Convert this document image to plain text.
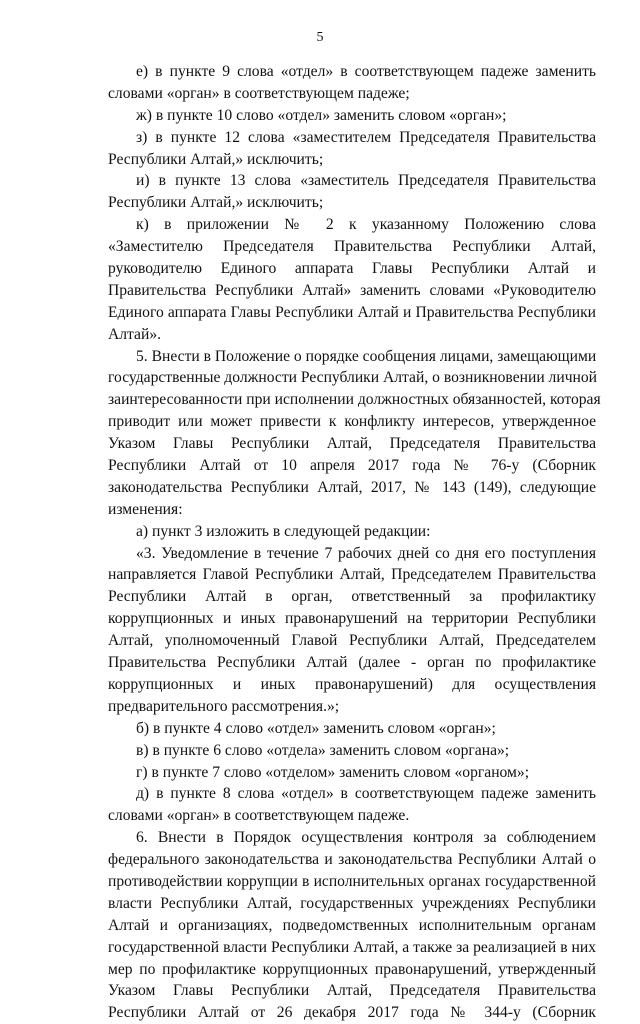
5
е) в пункте 9 слова «отдел» в соответствующем падеже заменить
словами «орган» в соответствующем падеже;
ж) в пункте 10 слово «отдел» заменить словом «орган»;
з) в пункте 12 слова «заместителем Председателя Правительства
Республики Алтай,» исключить;
и) в пункте 13 слова «заместитель Председателя Правительства
Республики Алтай,» исключить;
к) в приложении № 2 к указанному Положению слова
«Заместителю Председателя Правительства Республики Алтай,
руководителю Единого аппарата Главы Республики Алтай и
Правительства Республики Алтай» заменить словами «Руководителю
Единого аппарата Главы Республики Алтай и Правительства Республики
Алтай».
5. Внести в Положение о порядке сообщения лицами, замещающими
государственные должности Республики Алтай, о возникновении личной
заинтересованности при исполнении должностных обязанностей, которая
приводит или может привести к конфликту интересов, утвержденное
Указом Главы Республики Алтай, Председателя Правительства
Республики Алтай от 10 апреля 2017 года № 76-у (Сборник
законодательства Республики Алтай, 2017, № 143 (149), следующие
изменения:
а) пункт 3 изложить в следующей редакции:
«3. Уведомление в течение 7 рабочих дней со дня его поступления
направляется Главой Республики Алтай, Председателем Правительства
Республики Алтай в орган, ответственный за профилактику
коррупционных и иных правонарушений на территории Республики
Алтай, уполномоченный Главой Республики Алтай, Председателем
Правительства Республики Алтай (далее - орган по профилактике
коррупционных и иных правонарушений) для осуществления
предварительного рассмотрения.»;
б) в пункте 4 слово «отдел» заменить словом «орган»;
в) в пункте 6 слово «отдела» заменить словом «органа»;
г) в пункте 7 слово «отделом» заменить словом «органом»;
д) в пункте 8 слова «отдел» в соответствующем падеже заменить
словами «орган» в соответствующем падеже.
6. Внести в Порядок осуществления контроля за соблюдением
федерального законодательства и законодательства Республики Алтай о
противодействии коррупции в исполнительных органах государственной
власти Республики Алтай, государственных учреждениях Республики
Алтай и организациях, подведомственных исполнительным органам
государственной власти Республики Алтай, а также за реализацией в них
мер по профилактике коррупционных правонарушений, утвержденный
Указом Главы Республики Алтай, Председателя Правительства
Республики Алтай от 26 декабря 2017 года № 344-у (Сборник
